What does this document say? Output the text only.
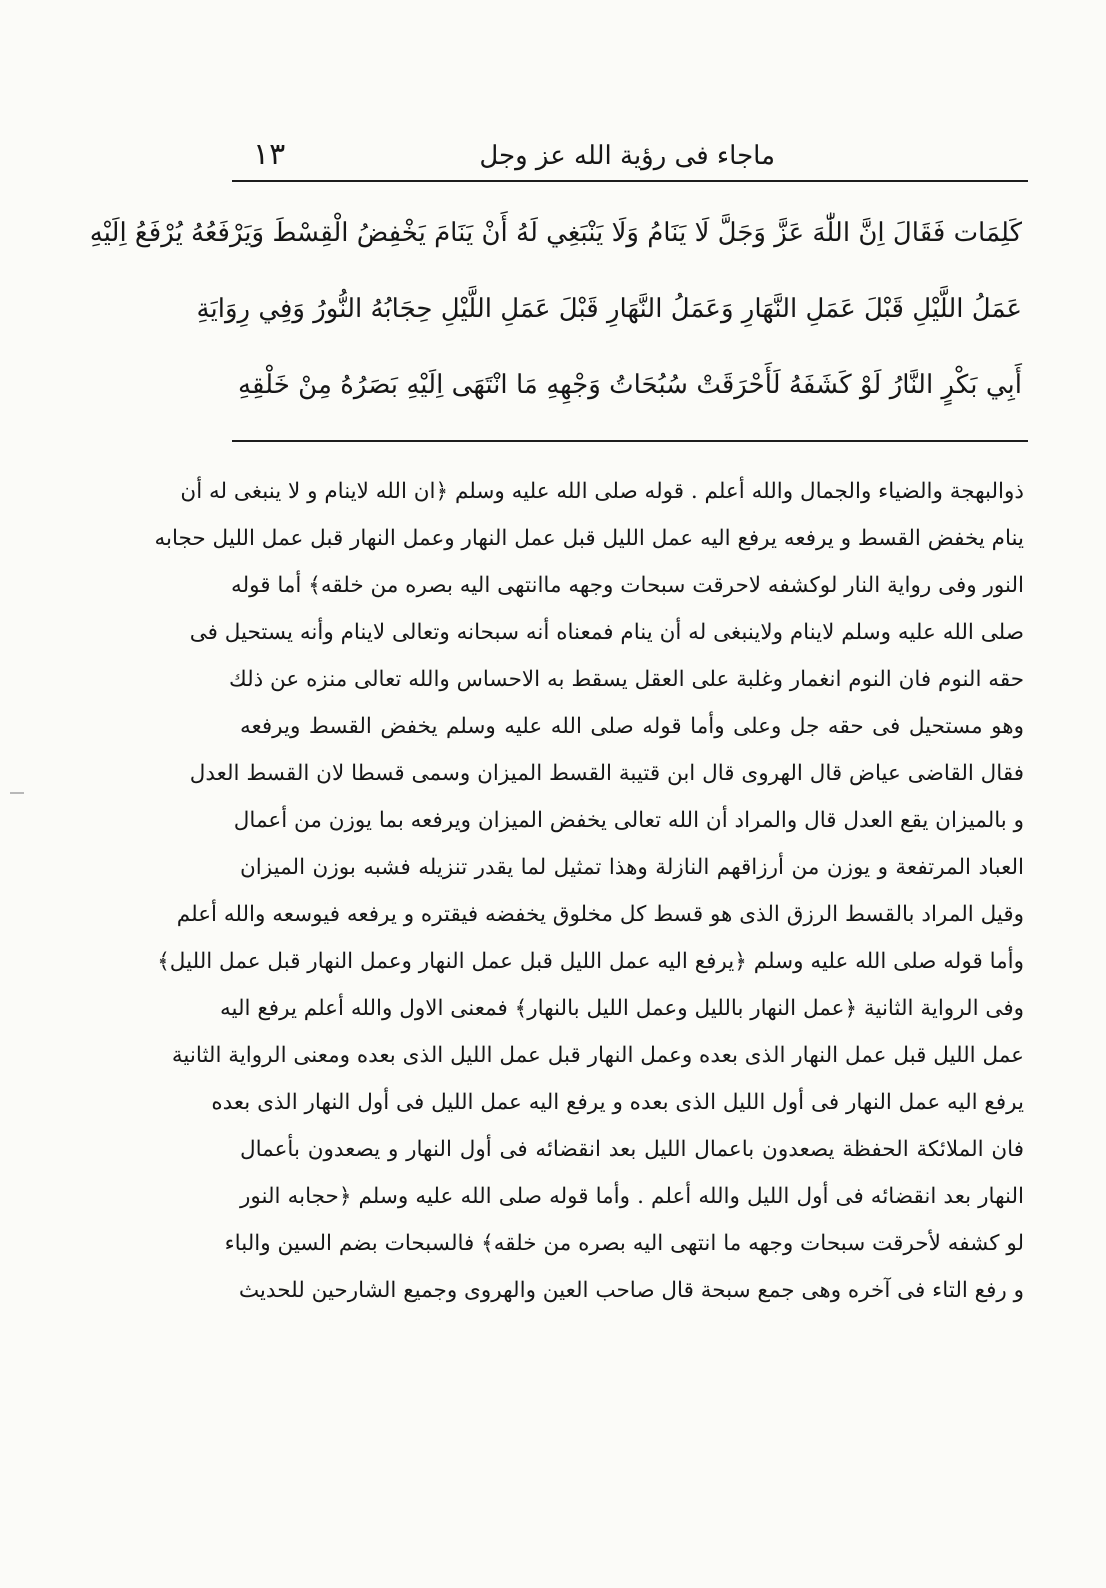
ماجاء فی رؤیة الله عز وجل
١٣
كَلِمَات فَقَالَ اِنَّ اللّٰهَ عَزَّ وَجَلَّ لَا يَنَامُ وَلَا يَنْبَغِي لَهُ أَنْ يَنَامَ يَخْفِضُ الْقِسْطَ وَيَرْفَعُهُ يُرْفَعُ اِلَيْهِ
عَمَلُ اللَّيْلِ قَبْلَ عَمَلِ النَّهَارِ وَعَمَلُ النَّهَارِ قَبْلَ عَمَلِ اللَّيْلِ حِجَابُهُ النُّورُ وَفِي رِوَايَةِ
أَبِي بَكْرٍ النَّارُ لَوْ كَشَفَهُ لَأَحْرَقَتْ سُبُحَاتُ وَجْهِهِ مَا انْتَهَى اِلَيْهِ بَصَرُهُ مِنْ خَلْقِهِ
ذوالبهجة والضياء والجمال والله أعلم . قوله صلى الله عليه وسلم ﴿ان الله لاينام و لا ينبغى له أن
ينام يخفض القسط و يرفعه يرفع اليه عمل الليل قبل عمل النهار وعمل النهار قبل عمل الليل حجابه
النور وفى رواية النار لوكشفه لاحرقت سبحات وجهه ماانتهى اليه بصره من خلقه﴾ أما قوله
صلى الله عليه وسلم لاينام ولاينبغى له أن ينام فمعناه أنه سبحانه وتعالى لاينام وأنه يستحيل فى
حقه النوم فان النوم انغمار وغلبة على العقل يسقط به الاحساس والله تعالى منزه عن ذلك
وهو مستحيل فى حقه جل وعلى وأما قوله صلى الله عليه وسلم يخفض القسط ويرفعه
فقال القاضى عياض قال الهروى قال ابن قتيبة القسط الميزان وسمى قسطا لان القسط العدل
و بالميزان يقع العدل قال والمراد أن الله تعالى يخفض الميزان ويرفعه بما يوزن من أعمال
العباد المرتفعة و يوزن من أرزاقهم النازلة وهذا تمثيل لما يقدر تنزيله فشبه بوزن الميزان
وقيل المراد بالقسط الرزق الذى هو قسط كل مخلوق يخفضه فيقتره و يرفعه فيوسعه والله أعلم
وأما قوله صلى الله عليه وسلم ﴿يرفع اليه عمل الليل قبل عمل النهار وعمل النهار قبل عمل الليل﴾
وفى الرواية الثانية ﴿عمل النهار بالليل وعمل الليل بالنهار﴾ فمعنى الاول والله أعلم يرفع اليه
عمل الليل قبل عمل النهار الذى بعده وعمل النهار قبل عمل الليل الذى بعده ومعنى الرواية الثانية
يرفع اليه عمل النهار فى أول الليل الذى بعده و يرفع اليه عمل الليل فى أول النهار الذى بعده
فان الملائكة الحفظة يصعدون باعمال الليل بعد انقضائه فى أول النهار و يصعدون بأعمال
النهار بعد انقضائه فى أول الليل والله أعلم . وأما قوله صلى الله عليه وسلم ﴿حجابه النور
لو كشفه لأحرقت سبحات وجهه ما انتهى اليه بصره من خلقه﴾ فالسبحات بضم السين والباء
و رفع التاء فى آخره وهى جمع سبحة قال صاحب العين والهروى وجميع الشارحين للحديث
